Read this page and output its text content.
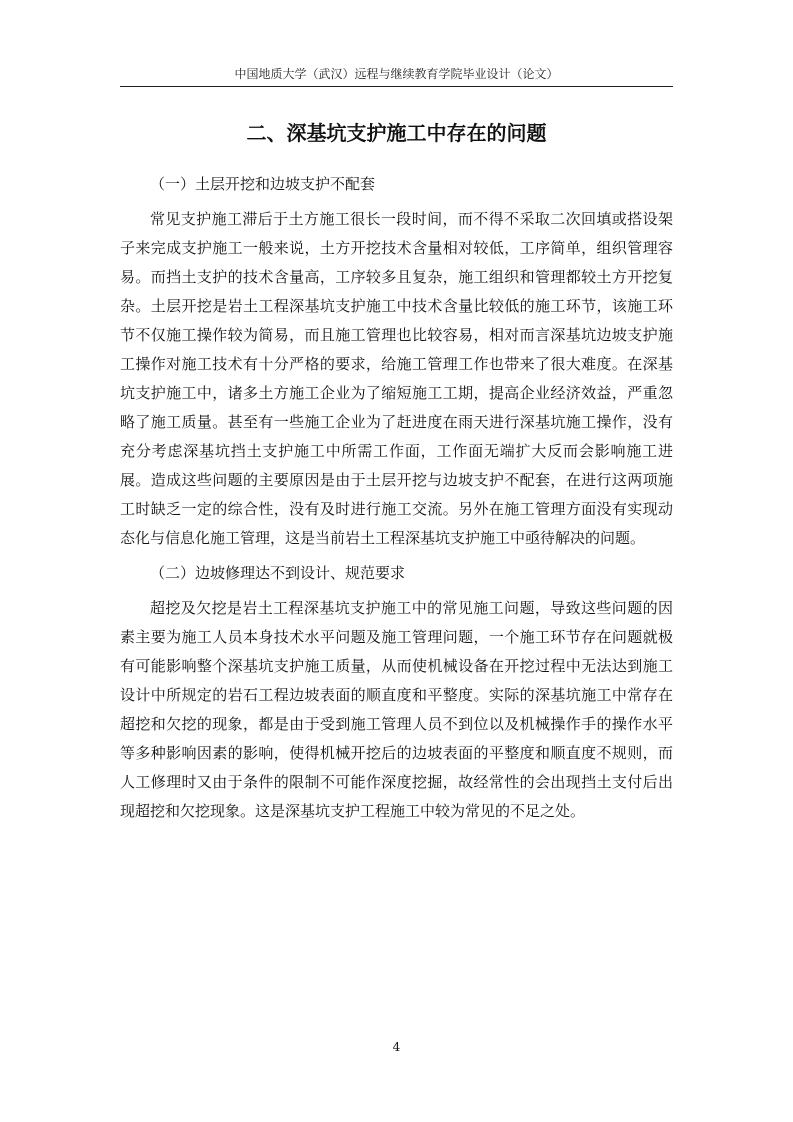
中国地质大学（武汉）远程与继续教育学院毕业设计（论文）
二、深基坑支护施工中存在的问题

（一）土层开挖和边坡支护不配套

常见支护施工滞后于土方施工很长一段时间，而不得不采取二次回填或搭设架子来完成支护施工一般来说，土方开挖技术含量相对较低，工序简单，组织管理容易。而挡土支护的技术含量高，工序较多且复杂，施工组织和管理都较土方开挖复杂。土层开挖是岩土工程深基坑支护施工中技术含量比较低的施工环节，该施工环节不仅施工操作较为简易，而且施工管理也比较容易，相对而言深基坑边坡支护施工操作对施工技术有十分严格的要求，给施工管理工作也带来了很大难度。在深基坑支护施工中，诸多土方施工企业为了缩短施工工期，提高企业经济效益，严重忽略了施工质量。甚至有一些施工企业为了赶进度在雨天进行深基坑施工操作，没有充分考虑深基坑挡土支护施工中所需工作面，工作面无端扩大反而会影响施工进展。造成这些问题的主要原因是由于土层开挖与边坡支护不配套，在进行这两项施工时缺乏一定的综合性，没有及时进行施工交流。另外在施工管理方面没有实现动态化与信息化施工管理，这是当前岩土工程深基坑支护施工中亟待解决的问题。

（二）边坡修理达不到设计、规范要求

超挖及欠挖是岩土工程深基坑支护施工中的常见施工问题，导致这些问题的因素主要为施工人员本身技术水平问题及施工管理问题，一个施工环节存在问题就极有可能影响整个深基坑支护施工质量，从而使机械设备在开挖过程中无法达到施工设计中所规定的岩石工程边坡表面的顺直度和平整度。实际的深基坑施工中常存在超挖和欠挖的现象，都是由于受到施工管理人员不到位以及机械操作手的操作水平等多种影响因素的影响，使得机械开挖后的边坡表面的平整度和顺直度不规则，而人工修理时又由于条件的限制不可能作深度挖掘，故经常性的会出现挡土支付后出现超挖和欠挖现象。这是深基坑支护工程施工中较为常见的不足之处。

4
